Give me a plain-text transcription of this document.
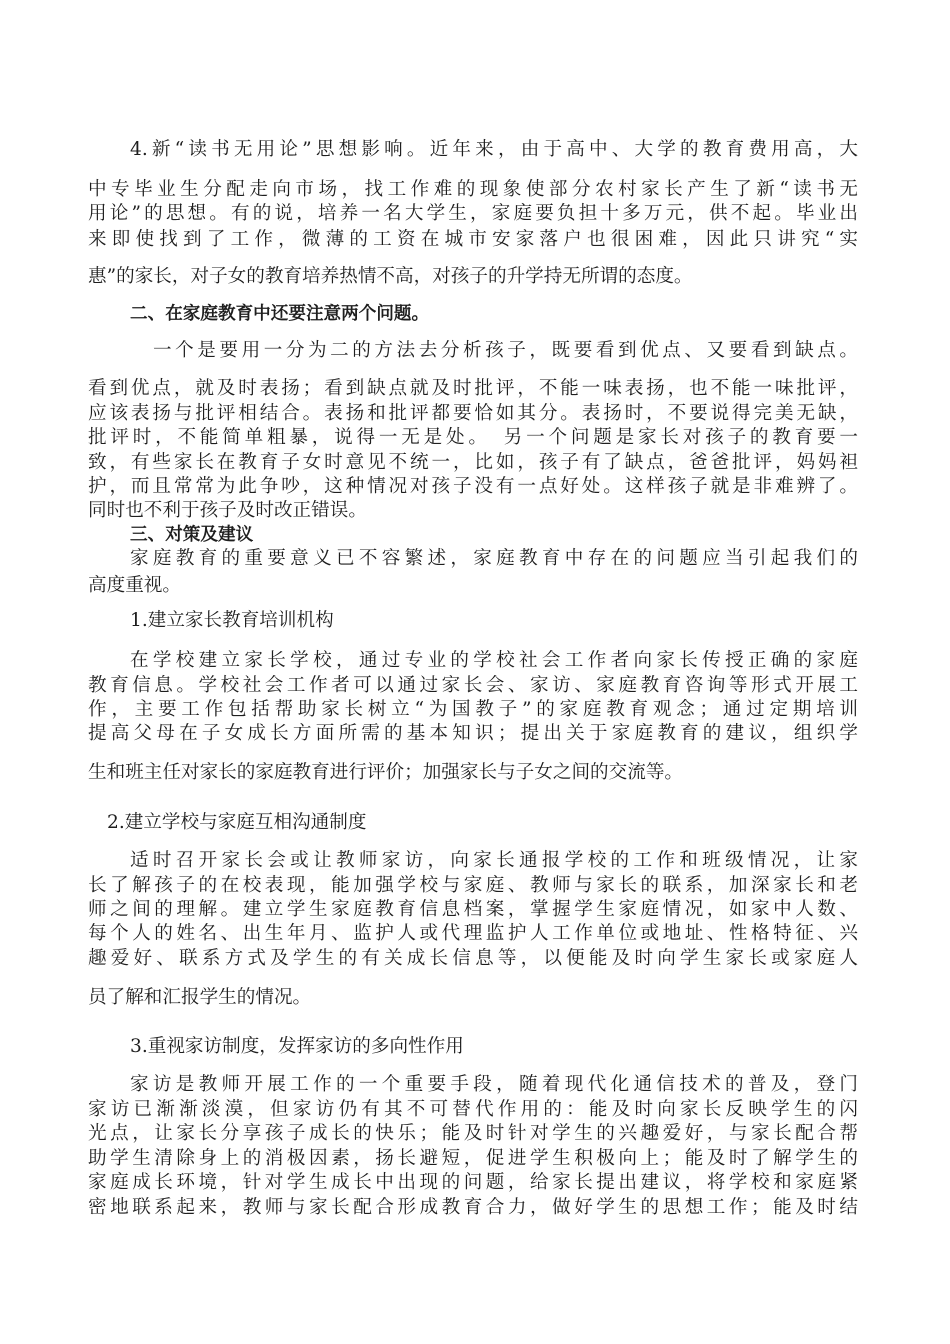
4.新“读书无用论”思想影响。近年来，由于高中、大学的教育费用高，大

中专毕业生分配走向市场，找工作难的现象使部分农村家长产生了新“读书无

用论”的思想。有的说，培养一名大学生，家庭要负担十多万元，供不起。毕业出

来即使找到了工作，微薄的工资在城市安家落户也很困难，因此只讲究“实

惠”的家长，对子女的教育培养热情不高，对孩子的升学持无所谓的态度。

二、在家庭教育中还要注意两个问题。

一个是要用一分为二的方法去分析孩子，既要看到优点、又要看到缺点。

看到优点，就及时表扬；看到缺点就及时批评，不能一味表扬，也不能一味批评，

应该表扬与批评相结合。表扬和批评都要恰如其分。表扬时，不要说得完美无缺，

批评时，不能简单粗暴，说得一无是处。　另一个问题是家长对孩子的教育要一

致，有些家长在教育子女时意见不统一，比如，孩子有了缺点，爸爸批评，妈妈袒

护，而且常常为此争吵，这种情况对孩子没有一点好处。这样孩子就是非难辨了。

同时也不利于孩子及时改正错误。

三、对策及建议

家庭教育的重要意义已不容繁述，家庭教育中存在的问题应当引起我们的

高度重视。

1.建立家长教育培训机构

在学校建立家长学校，通过专业的学校社会工作者向家长传授正确的家庭

教育信息。学校社会工作者可以通过家长会、家访、家庭教育咨询等形式开展工

作，主要工作包括帮助家长树立“为国教子”的家庭教育观念；通过定期培训

提高父母在子女成长方面所需的基本知识；提出关于家庭教育的建议，组织学

生和班主任对家长的家庭教育进行评价；加强家长与子女之间的交流等。

2.建立学校与家庭互相沟通制度

适时召开家长会或让教师家访，向家长通报学校的工作和班级情况，让家

长了解孩子的在校表现，能加强学校与家庭、教师与家长的联系，加深家长和老

师之间的理解。建立学生家庭教育信息档案，掌握学生家庭情况，如家中人数、

每个人的姓名、出生年月、监护人或代理监护人工作单位或地址、性格特征、兴

趣爱好、联系方式及学生的有关成长信息等，以便能及时向学生家长或家庭人

员了解和汇报学生的情况。

3.重视家访制度，发挥家访的多向性作用

家访是教师开展工作的一个重要手段，随着现代化通信技术的普及，登门

家访已渐渐淡漠，但家访仍有其不可替代作用的：能及时向家长反映学生的闪

光点，让家长分享孩子成长的快乐；能及时针对学生的兴趣爱好，与家长配合帮

助学生清除身上的消极因素，扬长避短，促进学生积极向上；能及时了解学生的

家庭成长环境，针对学生成长中出现的问题，给家长提出建议，将学校和家庭紧

密地联系起来，教师与家长配合形成教育合力，做好学生的思想工作；能及时结
